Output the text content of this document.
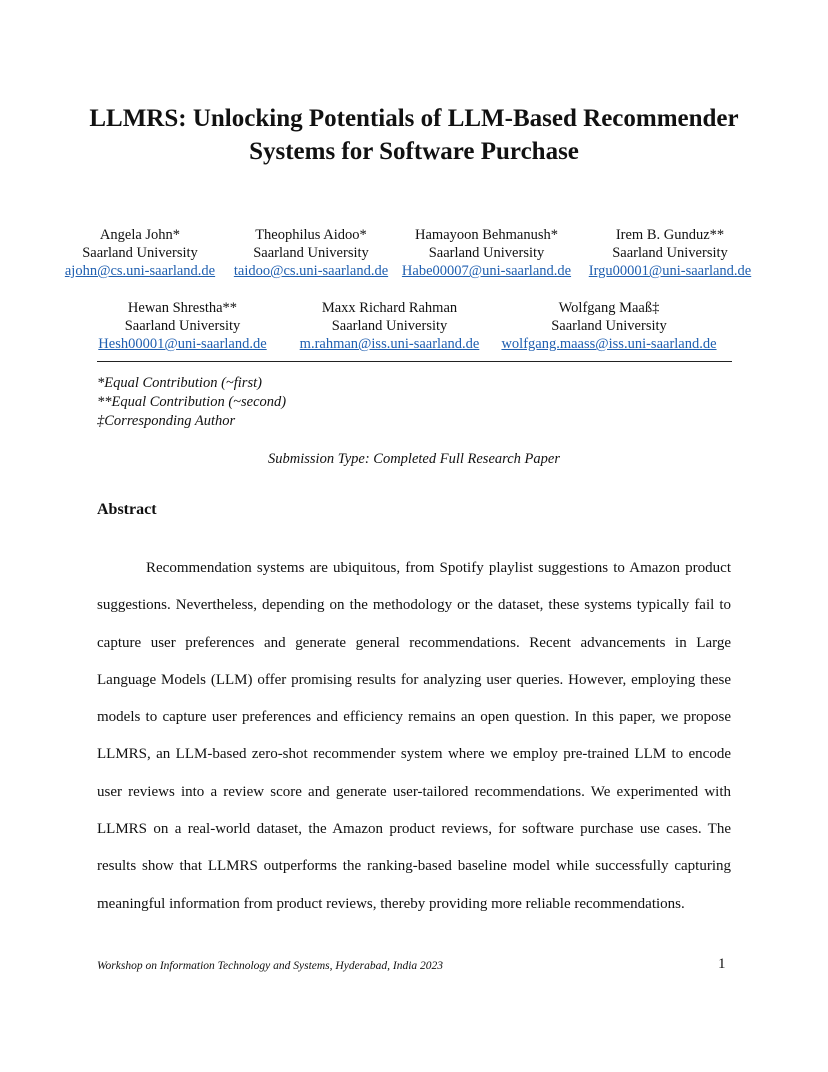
LLMRS: Unlocking Potentials of LLM-Based Recommender
Systems for Software Purchase
Angela John*
Saarland University
ajohn@cs.uni-saarland.de
Theophilus Aidoo*
Saarland University
taidoo@cs.uni-saarland.de
Hamayoon Behmanush*
Saarland University
Habe00007@uni-saarland.de
Irem B. Gunduz**
Saarland University
Irgu00001@uni-saarland.de
Hewan Shrestha**
Saarland University
Hesh00001@uni-saarland.de
Maxx Richard Rahman
Saarland University
m.rahman@iss.uni-saarland.de
Wolfgang Maaß‡
Saarland University
wolfgang.maass@iss.uni-saarland.de
*Equal Contribution (~first)
**Equal Contribution (~second)
‡Corresponding Author
Submission Type: Completed Full Research Paper
Abstract

Recommendation systems are ubiquitous, from Spotify playlist suggestions to Amazon product suggestions. Nevertheless, depending on the methodology or the dataset, these systems typically fail to capture user preferences and generate general recommendations. Recent advancements in Large Language Models (LLM) offer promising results for analyzing user queries. However, employing these models to capture user preferences and efficiency remains an open question. In this paper, we propose LLMRS, an LLM-based zero-shot recommender system where we employ pre-trained LLM to encode user reviews into a review score and generate user-tailored recommendations. We experimented with LLMRS on a real-world dataset, the Amazon product reviews, for software purchase use cases. The results show that LLMRS outperforms the ranking-based baseline model while successfully capturing meaningful information from product reviews, thereby providing more reliable recommendations.

Workshop on Information Technology and Systems, Hyderabad, India 2023	1
